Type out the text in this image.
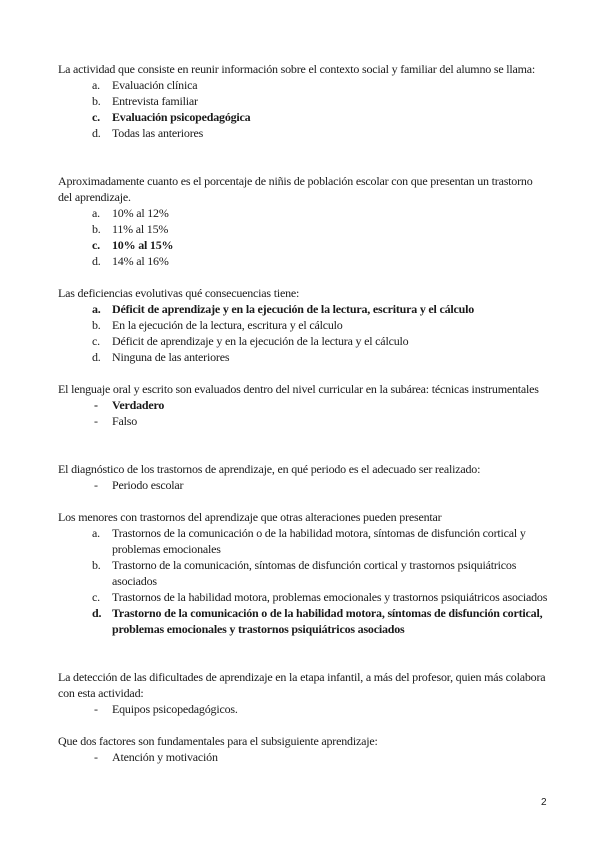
La actividad que consiste en reunir información sobre el contexto social y familiar del alumno se llama:

a.	Evaluación clínica
b. Entrevista familiar
c.	Evaluación psicopedagógica
d. Todas las anteriores

Aproximadamente cuanto es el porcentaje de niñis de población escolar con que presentan un trastorno del aprendizaje.

a.	10% al 12%
b. 11% al 15%
c.	10% al 15%
d. 14% al 16%

Las deficiencias evolutivas qué consecuencias tiene:

a. Déficit de aprendizaje y en la ejecución de la lectura, escritura y el cálculo
b. En la ejecución de la lectura, escritura y el cálculo
c.	Déficit de aprendizaje y en la ejecución de la lectura y el cálculo
d. Ninguna de las anteriores

El lenguaje oral y escrito son evaluados dentro del nivel curricular en la subárea: técnicas instrumentales

-	Verdadero
-	Falso

El diagnóstico de los trastornos de aprendizaje, en qué periodo es el adecuado ser realizado:

-	Periodo escolar

Los menores con trastornos del aprendizaje que otras alteraciones pueden presentar

a.	Trastornos de la comunicación o de la habilidad motora, síntomas de disfunción cortical y problemas emocionales
b. Trastorno de la comunicación, síntomas de disfunción cortical y trastornos psiquiátricos asociados
c.	Trastornos de la habilidad motora, problemas emocionales y trastornos psiquiátricos asociados
d. Trastorno de la comunicación o de la habilidad motora, síntomas de disfunción cortical, problemas emocionales y trastornos psiquiátricos asociados

La detección de las dificultades de aprendizaje en la etapa infantil, a más del profesor, quien más colabora con esta actividad:

-	Equipos psicopedagógicos.

Que dos factores son fundamentales para el subsiguiente aprendizaje:

-	Atención y motivación
2
